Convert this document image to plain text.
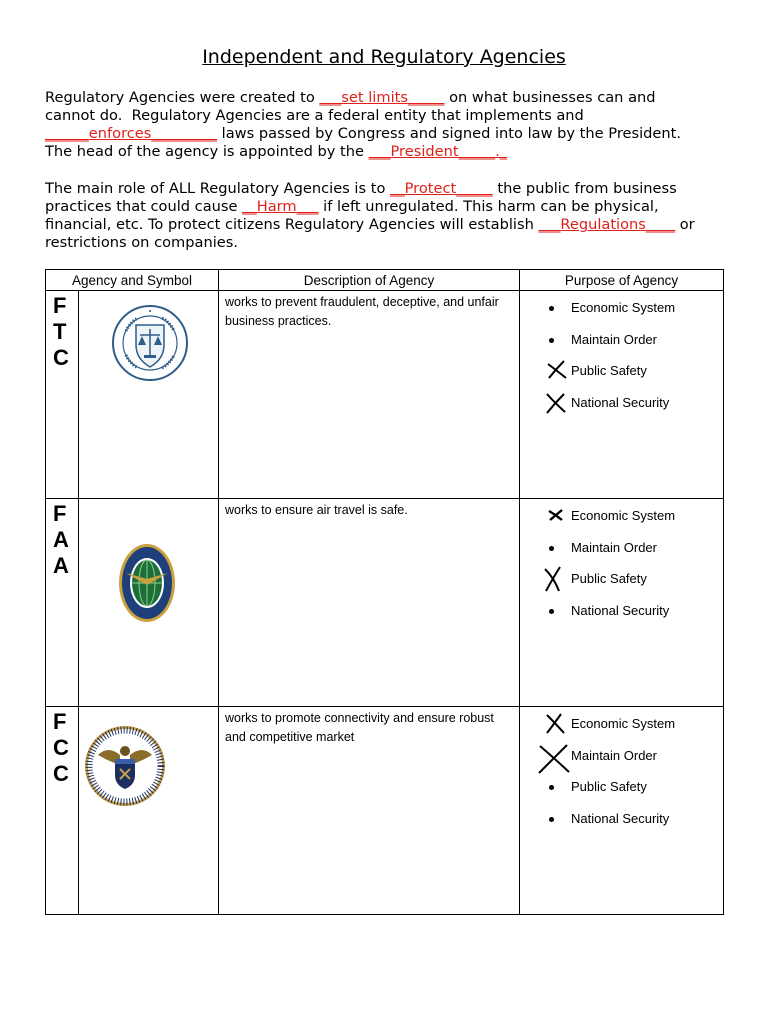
Independent and Regulatory Agencies
Regulatory Agencies were created to ___set limits_____ on what businesses can and
cannot do.  Regulatory Agencies are a federal entity that implements and
______enforces_________ laws passed by Congress and signed into law by the President.
The head of the agency is appointed by the ___President_____._
The main role of ALL Regulatory Agencies is to __Protect_____ the public from business
practices that could cause __Harm___ if left unregulated. This harm can be physical,
financial, etc. To protect citizens Regulatory Agencies will establish ___Regulations____ or
restrictions on companies.
Agency and Symbol		Description of Agency	Purpose of Agency

F
T
C		works to prevent fraudulent, deceptive, and unfair business practices.	Economic System
Maintain Order
Public Safety
National Security

F
A
A		works to ensure air travel is safe.	Economic System
Maintain Order
Public Safety
National Security

F
C
C		works to promote connectivity and ensure robust and competitive market	Economic System
Maintain Order
Public Safety
National Security
